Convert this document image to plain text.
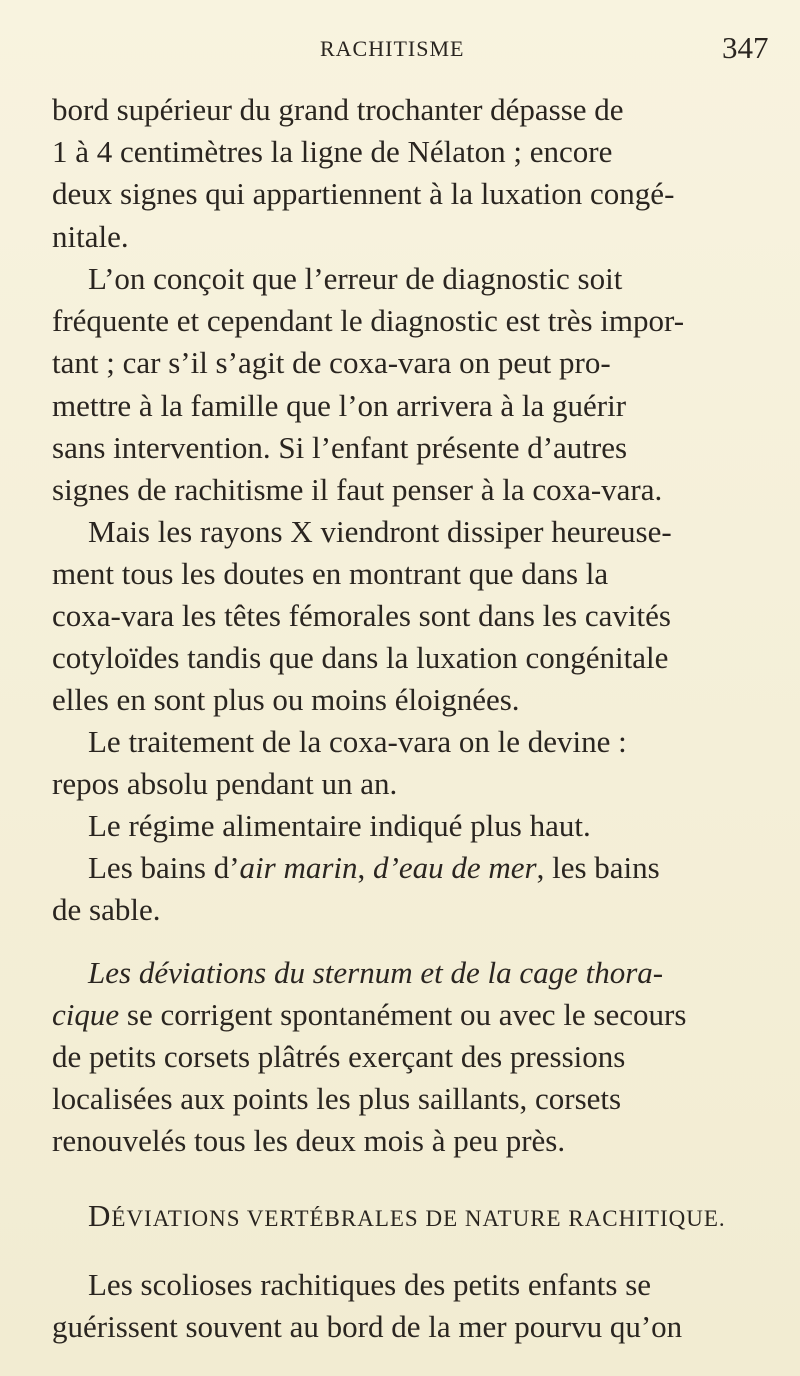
RACHITISME	347
bord supérieur du grand trochanter dépasse de
1 à 4 centimètres la ligne de Nélaton ; encore
deux signes qui appartiennent à la luxation congé-
nitale.
L’on conçoit que l’erreur de diagnostic soit
fréquente et cependant le diagnostic est très impor-
tant ; car s’il s’agit de coxa-vara on peut pro-
mettre à la famille que l’on arrivera à la guérir
sans intervention. Si l’enfant présente d’autres
signes de rachitisme il faut penser à la coxa-vara.
Mais les rayons X viendront dissiper heureuse-
ment tous les doutes en montrant que dans la
coxa-vara les têtes fémorales sont dans les cavités
cotyloïdes tandis que dans la luxation congénitale
elles en sont plus ou moins éloignées.
Le traitement de la coxa-vara on le devine :
repos absolu pendant un an.
Le régime alimentaire indiqué plus haut.
Les bains d’air marin, d’eau de mer, les bains
de sable.
Les déviations du sternum et de la cage thora-
cique se corrigent spontanément ou avec le secours
de petits corsets plâtrés exerçant des pressions
localisées aux points les plus saillants, corsets
renouvelés tous les deux mois à peu près.
DÉVIATIONS VERTÉBRALES DE NATURE RACHITIQUE.
Les scolioses rachitiques des petits enfants se
guérissent souvent au bord de la mer pourvu qu’on
